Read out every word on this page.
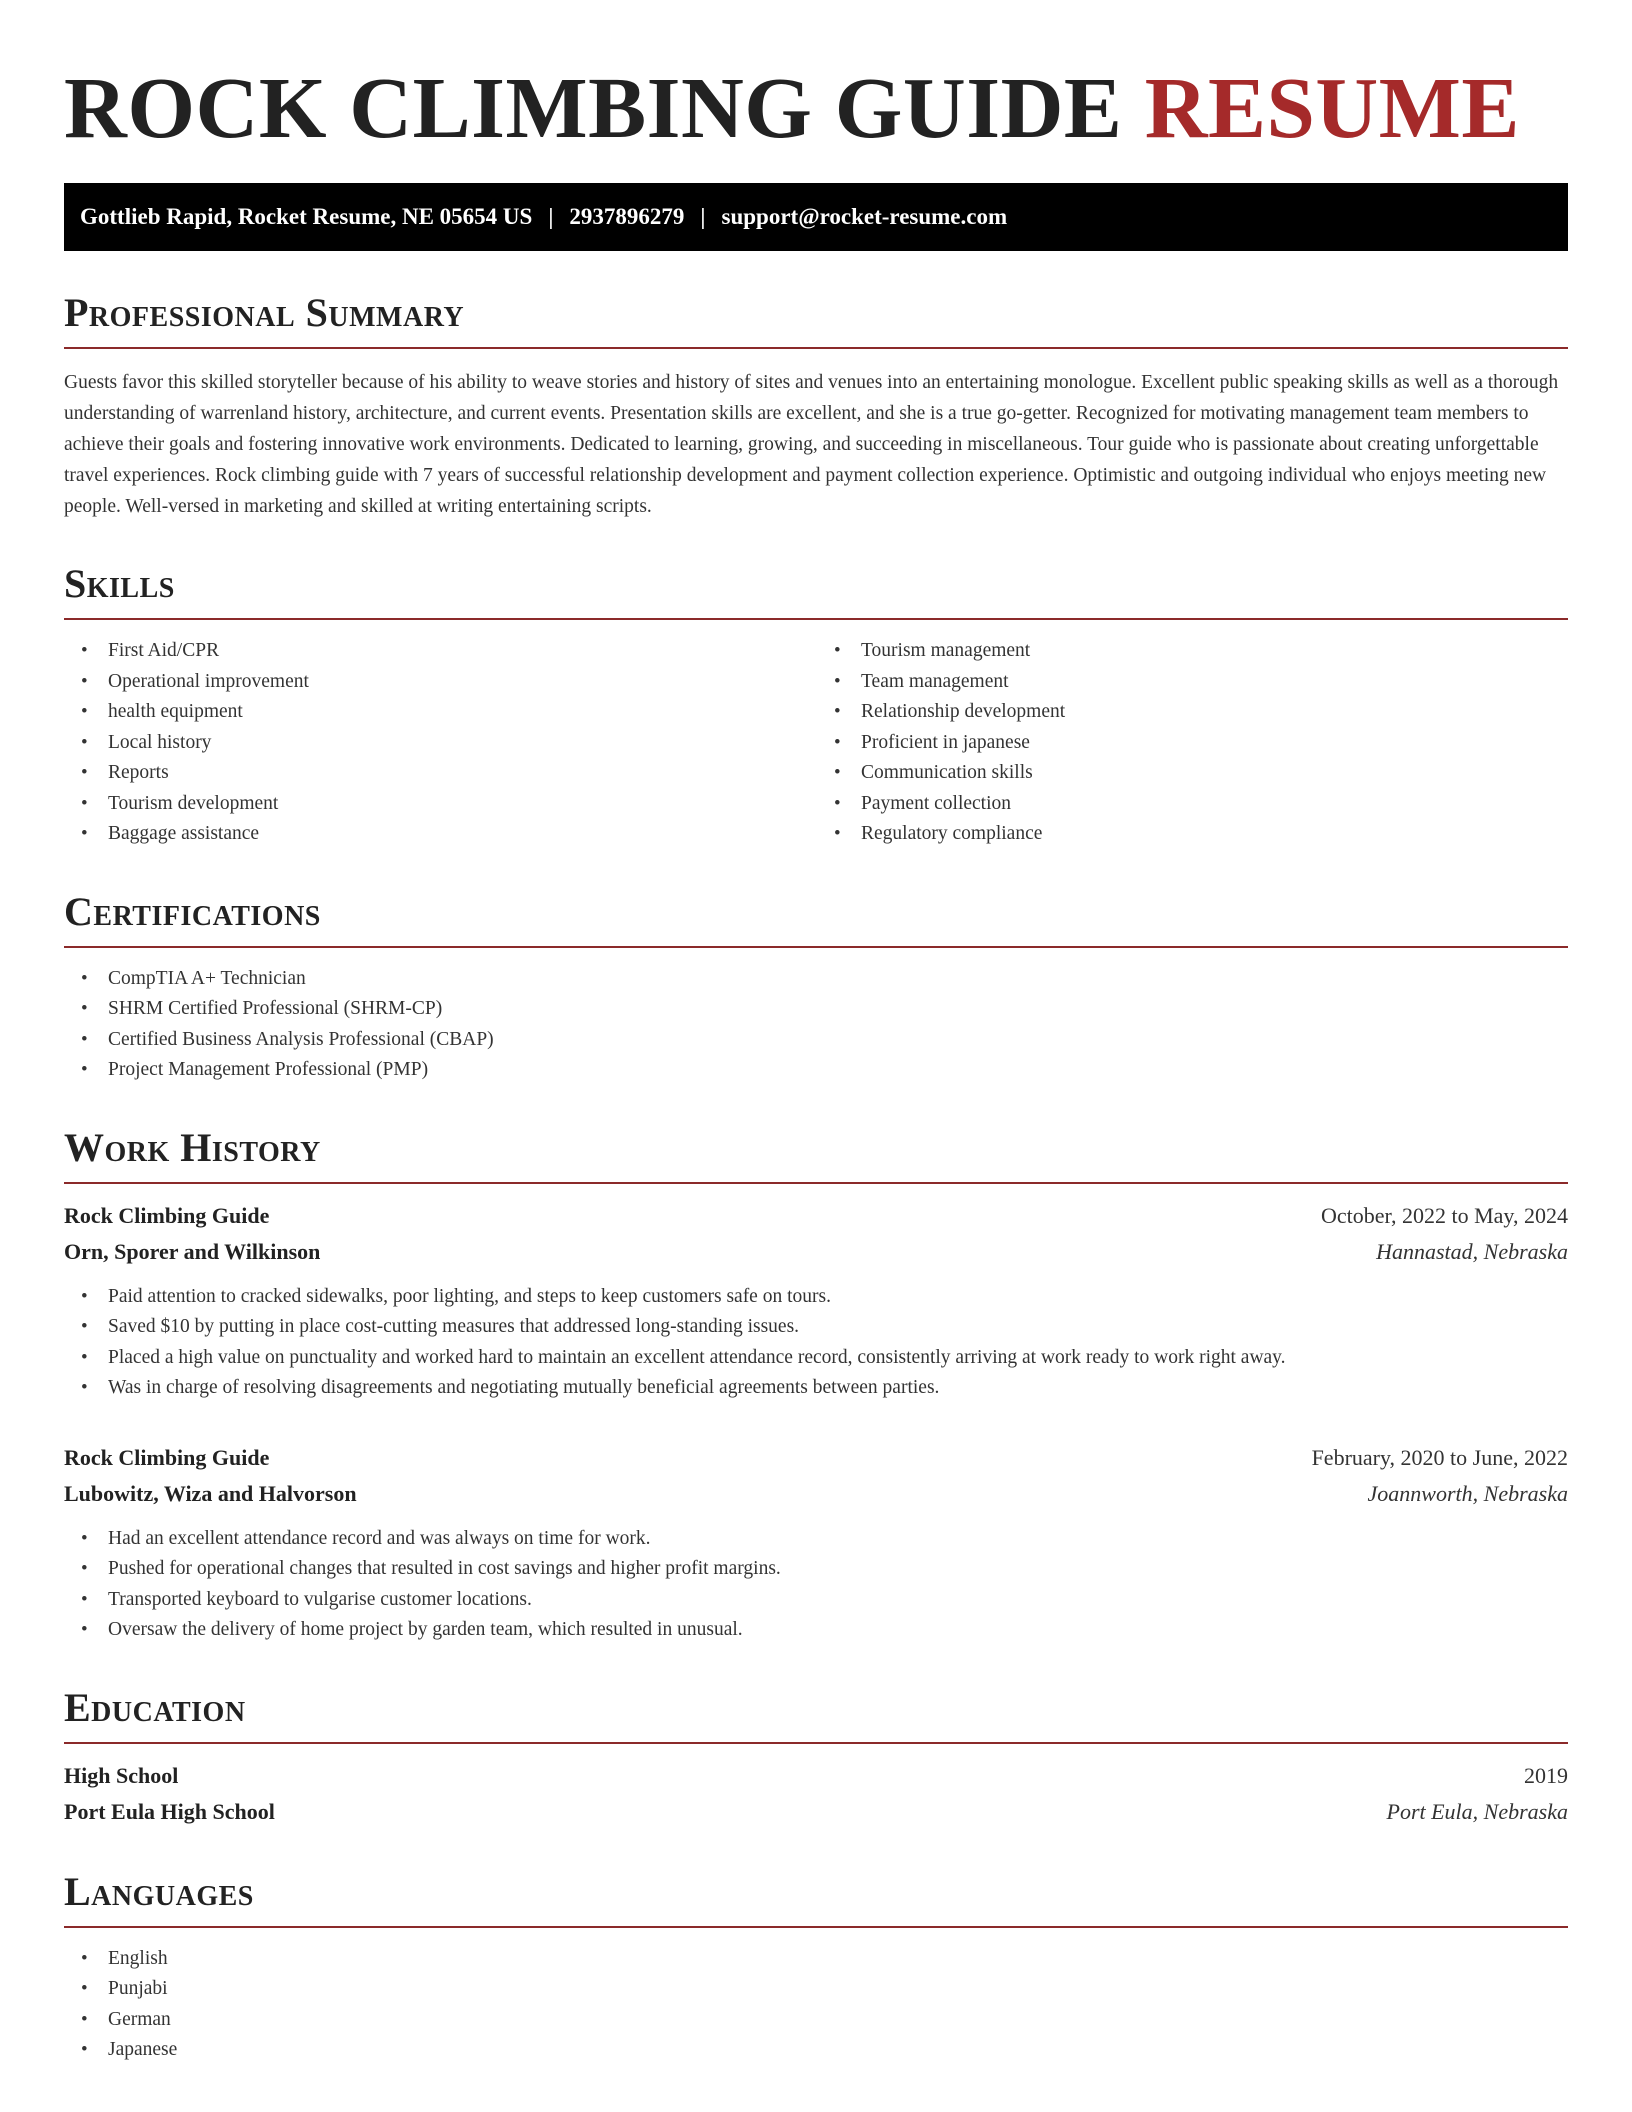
ROCK CLIMBING GUIDE RESUME
Gottlieb Rapid, Rocket Resume, NE 05654 US | 2937896279 | support@rocket-resume.com
Professional Summary

Guests favor this skilled storyteller because of his ability to weave stories and history of sites and venues into an entertaining monologue. Excellent public speaking skills as well as a thorough understanding of warrenland history, architecture, and current events. Presentation skills are excellent, and she is a true go-getter. Recognized for motivating management team members to achieve their goals and fostering innovative work environments. Dedicated to learning, growing, and succeeding in miscellaneous. Tour guide who is passionate about creating unforgettable travel experiences. Rock climbing guide with 7 years of successful relationship development and payment collection experience. Optimistic and outgoing individual who enjoys meeting new people. Well-versed in marketing and skilled at writing entertaining scripts.

Skills
• First Aid/CPR
• Operational improvement
• health equipment
• Local history
• Reports
• Tourism development
• Baggage assistance
• Tourism management
• Team management
• Relationship development
• Proficient in japanese
• Communication skills
• Payment collection
• Regulatory compliance
Certifications
• CompTIA A+ Technician
• SHRM Certified Professional (SHRM-CP)
• Certified Business Analysis Professional (CBAP)
• Project Management Professional (PMP)
Work History
Rock Climbing Guide	October, 2022 to May, 2024
Orn, Sporer and Wilkinson	Hannastad, Nebraska
• Paid attention to cracked sidewalks, poor lighting, and steps to keep customers safe on tours.
• Saved $10 by putting in place cost-cutting measures that addressed long-standing issues.
• Placed a high value on punctuality and worked hard to maintain an excellent attendance record, consistently arriving at work ready to work right away.
• Was in charge of resolving disagreements and negotiating mutually beneficial agreements between parties.
Rock Climbing Guide	February, 2020 to June, 2022
Lubowitz, Wiza and Halvorson	Joannworth, Nebraska
• Had an excellent attendance record and was always on time for work.
• Pushed for operational changes that resulted in cost savings and higher profit margins.
• Transported keyboard to vulgarise customer locations.
• Oversaw the delivery of home project by garden team, which resulted in unusual.
Education
High School	2019
Port Eula High School	Port Eula, Nebraska
Languages
• English
• Punjabi
• German
• Japanese
